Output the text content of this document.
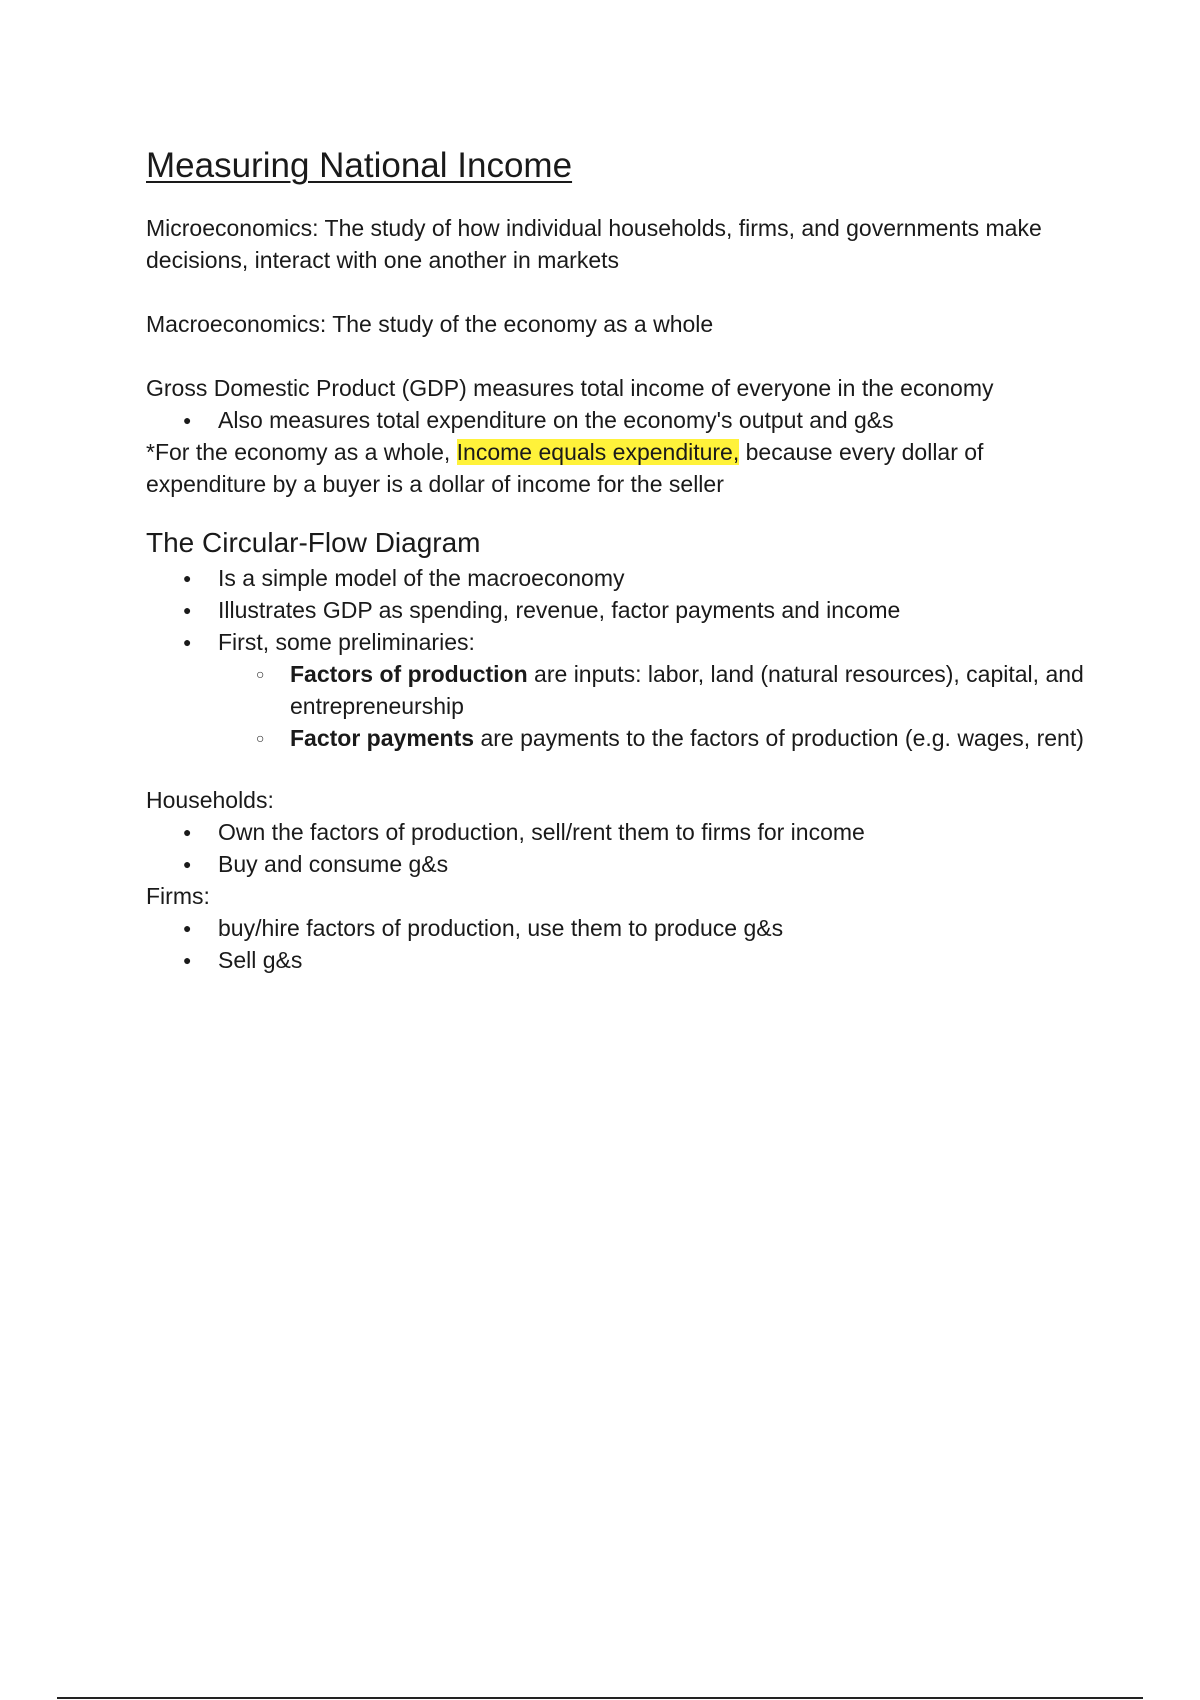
Measuring National Income

Microeconomics: The study of how individual households, firms, and governments make decisions, interact with one another in markets

Macroeconomics: The study of the economy as a whole

Gross Domestic Product (GDP) measures total income of everyone in the economy

● Also measures total expenditure on the economy's output and g&s

*For the economy as a whole, Income equals expenditure, because every dollar of expenditure by a buyer is a dollar of income for the seller

The Circular-Flow Diagram
● Is a simple model of the macroeconomy
● Illustrates GDP as spending, revenue, factor payments and income
● First, some preliminaries:
○ Factors of production are inputs: labor, land (natural resources), capital, and entrepreneurship
○ Factor payments are payments to the factors of production (e.g. wages, rent)

Households:

● Own the factors of production, sell/rent them to firms for income
● Buy and consume g&s

Firms:

● buy/hire factors of production, use them to produce g&s
● Sell g&s
